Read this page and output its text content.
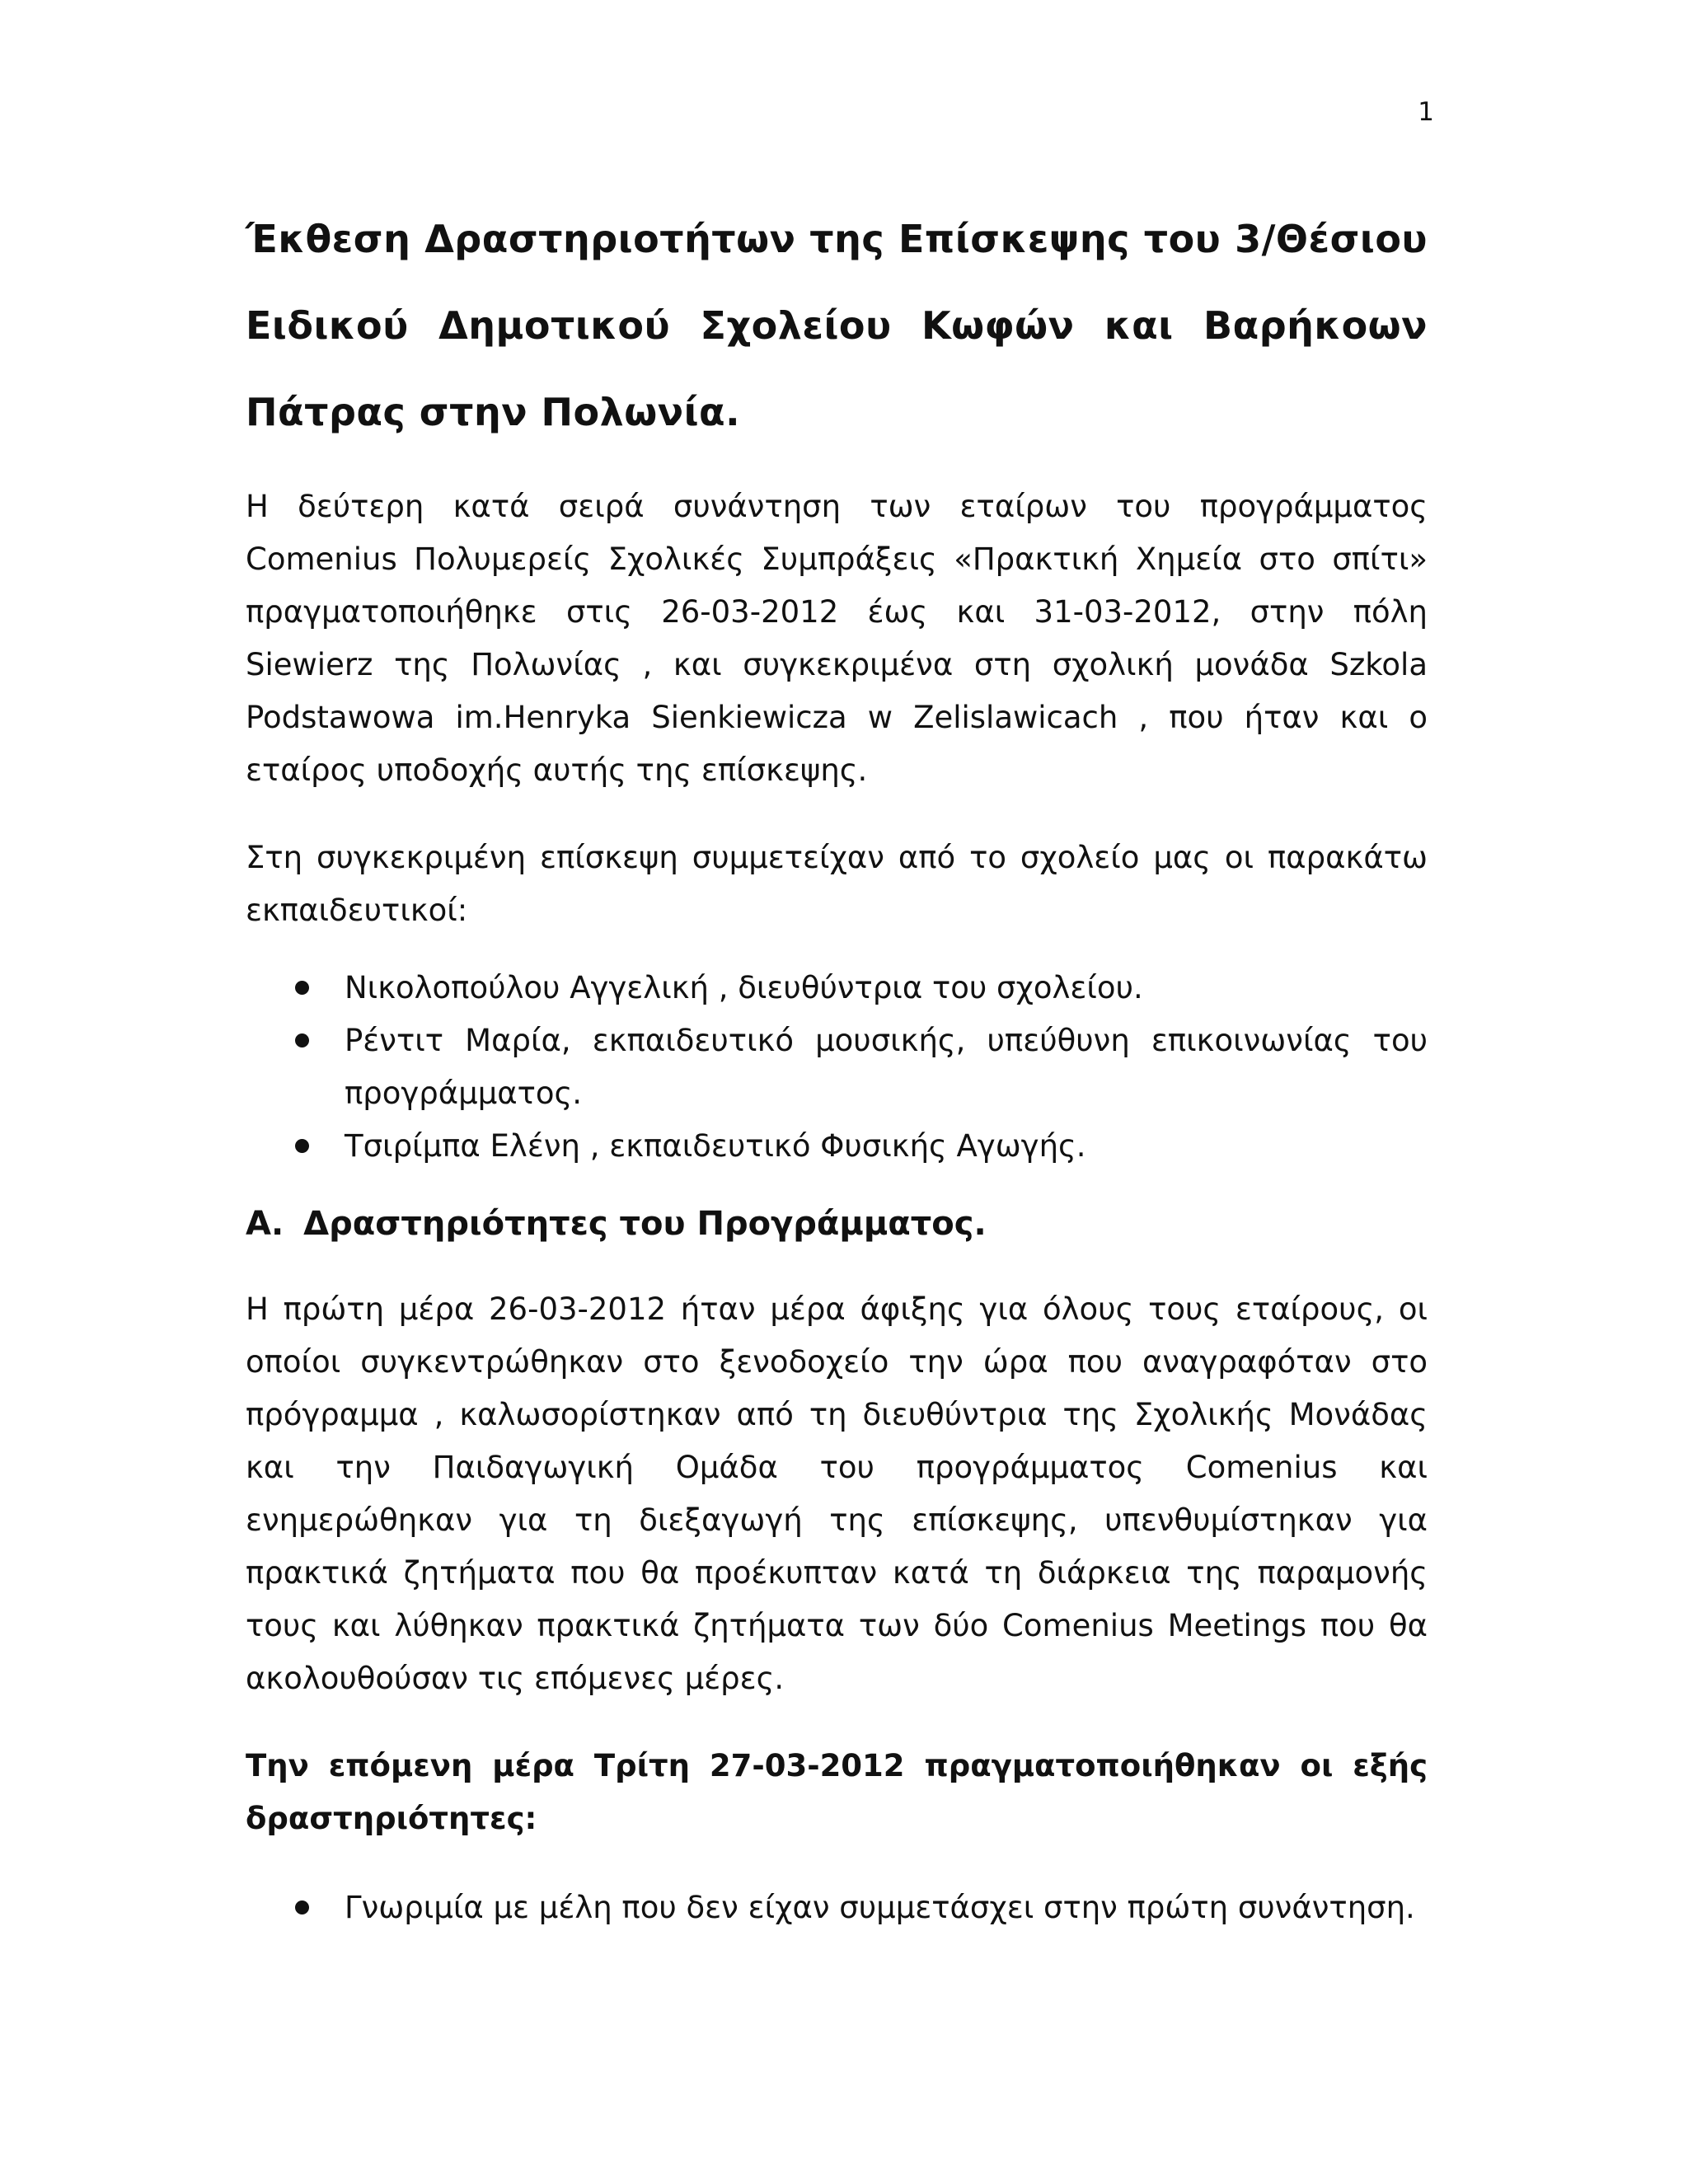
1
Έκθεση Δραστηριοτήτων της Επίσκεψης του 3/Θέσιου Ειδικού Δημοτικού Σχολείου Κωφών και Βαρήκοων Πάτρας στην Πολωνία.

Η δεύτερη κατά σειρά συνάντηση των εταίρων του προγράμματος Comenius Πολυμερείς Σχολικές Συμπράξεις «Πρακτική Χημεία στο σπίτι» πραγματοποιήθηκε στις 26-03-2012 έως και 31-03-2012, στην πόλη Siewierz της Πολωνίας , και συγκεκριμένα στη σχολική μονάδα Szkola Podstawowa im.Henryka Sienkiewicza w Zelislawicach , που ήταν και ο εταίρος υποδοχής αυτής της επίσκεψης.

Στη συγκεκριμένη επίσκεψη συμμετείχαν από το σχολείο μας οι παρακάτω εκπαιδευτικοί:

Νικολοπούλου Αγγελική , διευθύντρια του σχολείου.
Ρέντιτ Μαρία, εκπαιδευτικό μουσικής, υπεύθυνη επικοινωνίας του προγράμματος.
Τσιρίμπα Ελένη , εκπαιδευτικό Φυσικής Αγωγής.
Α. Δραστηριότητες του Προγράμματος.

Η πρώτη μέρα 26-03-2012 ήταν μέρα άφιξης για όλους τους εταίρους, οι οποίοι συγκεντρώθηκαν στο ξενοδοχείο την ώρα που αναγραφόταν στο πρόγραμμα , καλωσορίστηκαν από τη διευθύντρια της Σχολικής Μονάδας και την Παιδαγωγική Ομάδα του προγράμματος Comenius και ενημερώθηκαν για τη διεξαγωγή της επίσκεψης, υπενθυμίστηκαν για πρακτικά ζητήματα που θα προέκυπταν κατά τη διάρκεια της παραμονής τους και λύθηκαν πρακτικά ζητήματα των δύο Comenius Meetings που θα ακολουθούσαν τις επόμενες μέρες.

Την επόμενη μέρα Τρίτη 27-03-2012 πραγματοποιήθηκαν οι εξής δραστηριότητες:

Γνωριμία με μέλη που δεν είχαν συμμετάσχει στην πρώτη συνάντηση.
